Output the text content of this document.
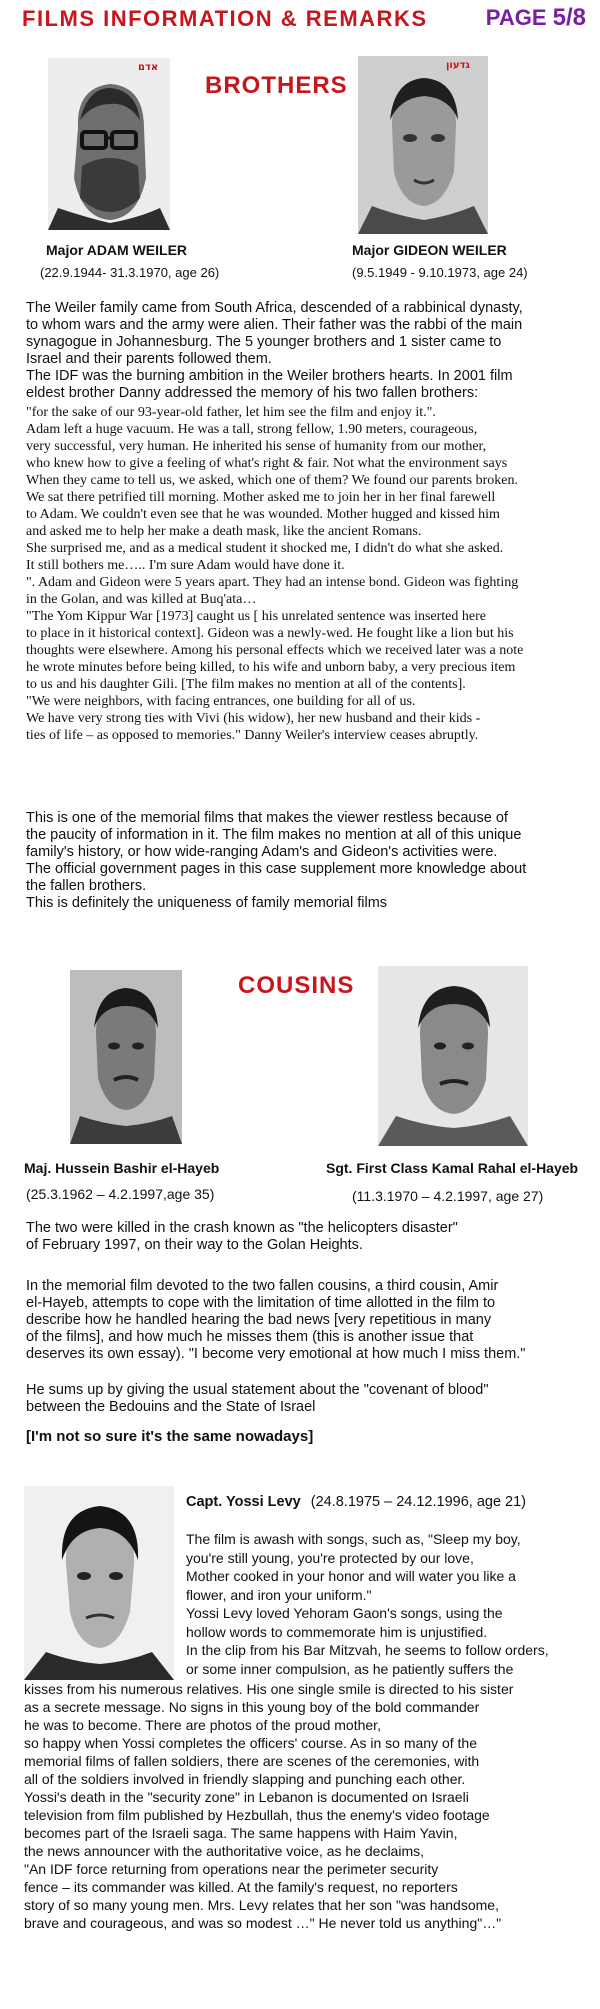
FILMS INFORMATION & REMARKS	PAGE 5/8
BROTHERS
אדם	גדעון
Major ADAM WEILER
(22.9.1944- 31.3.1970, age 26)
Major GIDEON WEILER
(9.5.1949 - 9.10.1973, age 24)
The Weiler family came from South Africa, descended of a rabbinical dynasty,
to whom wars and the army were alien. Their father was the rabbi of the main
synagogue in Johannesburg. The 5 younger brothers and 1 sister came to
Israel and their parents followed them.
The IDF was the burning ambition in the Weiler brothers hearts. In 2001 film
eldest brother Danny addressed the memory of his two fallen brothers:
"for the sake of our 93-year-old father, let him see the film and enjoy it.".
Adam left a huge vacuum. He was a tall, strong fellow, 1.90 meters, courageous,
very successful, very human. He inherited his sense of humanity from our mother,
who knew how to give a feeling of what's right & fair. Not what the environment says
When they came to tell us, we asked, which one of them? We found our parents broken.
We sat there petrified till morning. Mother asked me to join her in her final farewell
to Adam. We couldn't even see that he was wounded. Mother hugged and kissed him
and asked me to help her make a death mask, like the ancient Romans.
She surprised me, and as a medical student it shocked me, I didn't do what she asked.
It still bothers me….. I'm sure Adam would have done it.
". Adam and Gideon were 5 years apart. They had an intense bond. Gideon was fighting
in the Golan, and was killed at Buq'ata…
"The Yom Kippur War [1973] caught us [ his unrelated sentence was inserted here
to place in it historical context]. Gideon was a newly-wed. He fought like a lion but his
thoughts were elsewhere. Among his personal effects which we received later was a note
he wrote minutes before being killed, to his wife and unborn baby, a very precious item
to us and his daughter Gili. [The film makes no mention at all of the contents].
"We were neighbors, with facing entrances, one building for all of us.
We have very strong ties with Vivi (his widow), her new husband and their kids -
ties of life – as opposed to memories." Danny Weiler's interview ceases abruptly.
This is one of the memorial films that makes the viewer restless because of
the paucity of information in it. The film makes no mention at all of this unique
family's history, or how wide-ranging Adam's and Gideon's activities were.
The official government pages in this case supplement more knowledge about
the fallen brothers.
This is definitely the uniqueness of family memorial films
COUSINS
Maj. Hussein Bashir el-Hayeb
(25.3.1962 – 4.2.1997,age 35)
Sgt. First Class Kamal Rahal el-Hayeb
(11.3.1970 – 4.2.1997, age 27)
The two were killed in the crash known as "the helicopters disaster"
of February 1997, on their way to the Golan Heights.
In the memorial film devoted to the two fallen cousins, a third cousin, Amir
el-Hayeb, attempts to cope with the limitation of time allotted in the film to
describe how he handled hearing the bad news [very repetitious in many
of the films], and how much he misses them (this is another issue that
deserves its own essay). "I become very emotional at how much I miss them."
He sums up by giving the usual statement about the "covenant of blood"
between the Bedouins and the State of Israel
[I'm not so sure it's the same nowadays]
Capt. Yossi Levy (24.8.1975 – 24.12.1996, age 21)
The film is awash with songs, such as, "Sleep my boy,
you're still young, you're protected by our love,
Mother cooked in your honor and will water you like a
flower, and iron your uniform."
Yossi Levy loved Yehoram Gaon's songs, using the
hollow words to commemorate him is unjustified.
In the clip from his Bar Mitzvah, he seems to follow orders,
or some inner compulsion, as he patiently suffers the
kisses from his numerous relatives. His one single smile is directed to his sister
as a secrete message. No signs in this young boy of the bold commander
he was to become. There are photos of the proud mother,
so happy when Yossi completes the officers' course. As in so many of the
memorial films of fallen soldiers, there are scenes of the ceremonies, with
all of the soldiers involved in friendly slapping and punching each other.
Yossi's death in the "security zone" in Lebanon is documented on Israeli
television from film published by Hezbullah, thus the enemy's video footage
becomes part of the Israeli saga. The same happens with Haim Yavin,
the news announcer with the authoritative voice, as he declaims,
"An IDF force returning from operations near the perimeter security
fence – its commander was killed. At the family's request, no reporters
story of so many young men. Mrs. Levy relates that her son "was handsome,
brave and courageous, and was so modest …" He never told us anything"…"
